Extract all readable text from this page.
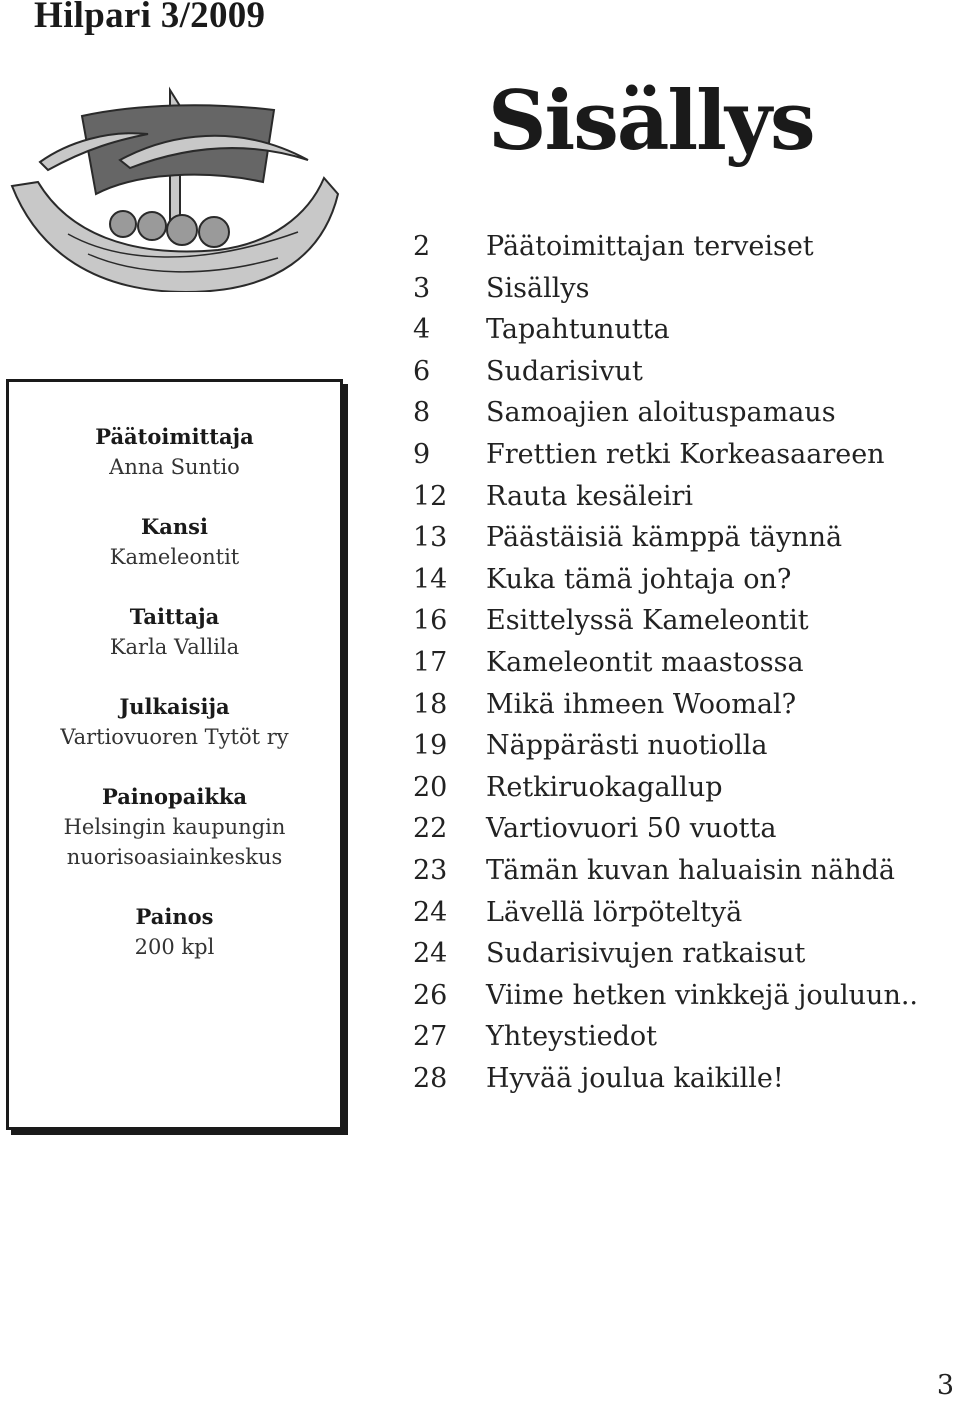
Hilpari 3/2009
Sisällys
Päätoimittaja
Anna Suntio
Kansi
Kameleontit
Taittaja
Karla Vallila
Julkaisija
Vartiovuoren Tytöt ry
Painopaikka
Helsingin kaupungin
nuorisoasiainkeskus
Painos
200 kpl
2	Päätoimittajan terveiset
3	Sisällys
4	Tapahtunutta
6	Sudarisivut
8	Samoajien aloituspamaus
9	Frettien retki Korkeasaareen
12	Rauta kesäleiri
13	Päästäisiä kämppä täynnä
14	Kuka tämä johtaja on?
16	Esittelyssä Kameleontit
17	Kameleontit maastossa
18	Mikä ihmeen Woomal?
19	Näppärästi nuotiolla
20	Retkiruokagallup
22	Vartiovuori 50 vuotta
23	Tämän kuvan haluaisin nähdä
24	Lävellä lörpöteltyä
24	Sudarisivujen ratkaisut
26	Viime hetken vinkkejä jouluun..
27	Yhteystiedot
28	Hyvää joulua kaikille!
3
